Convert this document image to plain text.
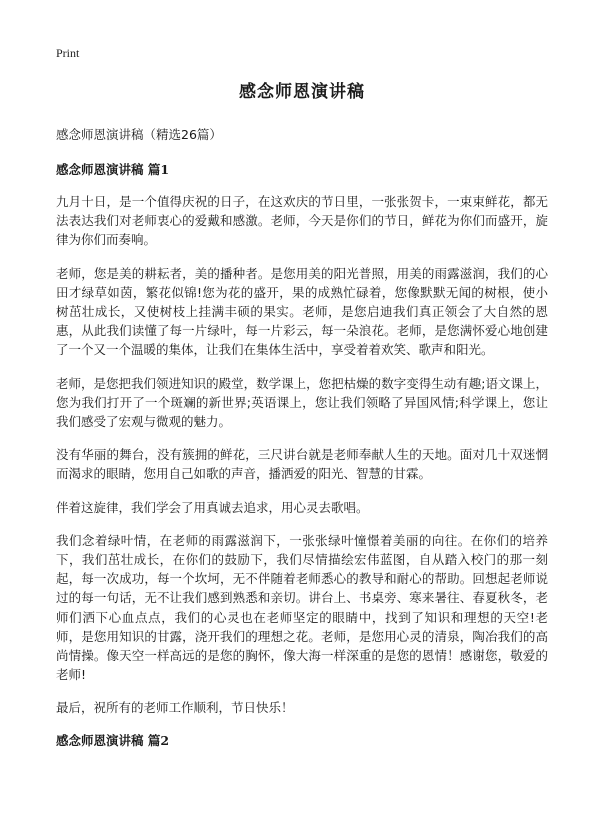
Print
感念师恩演讲稿

感念师恩演讲稿（精选26篇）

感念师恩演讲稿 篇1

九月十日，是一个值得庆祝的日子，在这欢庆的节日里，一张张贺卡，一束束鲜花，都无法表达我们对老师衷心的爱戴和感激。老师，今天是你们的节日，鲜花为你们而盛开，旋律为你们而奏响。

老师，您是美的耕耘者，美的播种者。是您用美的阳光普照，用美的雨露滋润，我们的心田才绿草如茵，繁花似锦!您为花的盛开，果的成熟忙碌着，您像默默无闻的树根，使小树茁壮成长，又使树枝上挂满丰硕的果实。老师，是您启迪我们真正领会了大自然的恩惠，从此我们读懂了每一片绿叶，每一片彩云，每一朵浪花。老师，是您满怀爱心地创建了一个又一个温暖的集体，让我们在集体生活中，享受着着欢笑、歌声和阳光。

老师，是您把我们领进知识的殿堂，数学课上，您把枯燥的数字变得生动有趣;语文课上，您为我们打开了一个斑斓的新世界;英语课上，您让我们领略了异国风情;科学课上，您让我们感受了宏观与微观的魅力。

没有华丽的舞台，没有簇拥的鲜花，三尺讲台就是老师奉献人生的天地。面对几十双迷惘而渴求的眼睛，您用自己如歌的声音，播洒爱的阳光、智慧的甘霖。

伴着这旋律，我们学会了用真诚去追求，用心灵去歌唱。

我们念着绿叶情，在老师的雨露滋润下，一张张绿叶憧憬着美丽的向往。在你们的培养下，我们茁壮成长，在你们的鼓励下，我们尽情描绘宏伟蓝图，自从踏入校门的那一刻起，每一次成功，每一个坎坷，无不伴随着老师悉心的教导和耐心的帮助。回想起老师说过的每一句话，无不让我们感到熟悉和亲切。讲台上、书桌旁、寒来暑往、春夏秋冬，老师们洒下心血点点，我们的心灵也在老师坚定的眼睛中，找到了知识和理想的天空!老师，是您用知识的甘露，浇开我们的理想之花。老师，是您用心灵的清泉，陶冶我们的高尚情操。像天空一样高远的是您的胸怀，像大海一样深重的是您的恩情！感谢您，敬爱的老师!

最后，祝所有的老师工作顺利，节日快乐！

感念师恩演讲稿 篇2
